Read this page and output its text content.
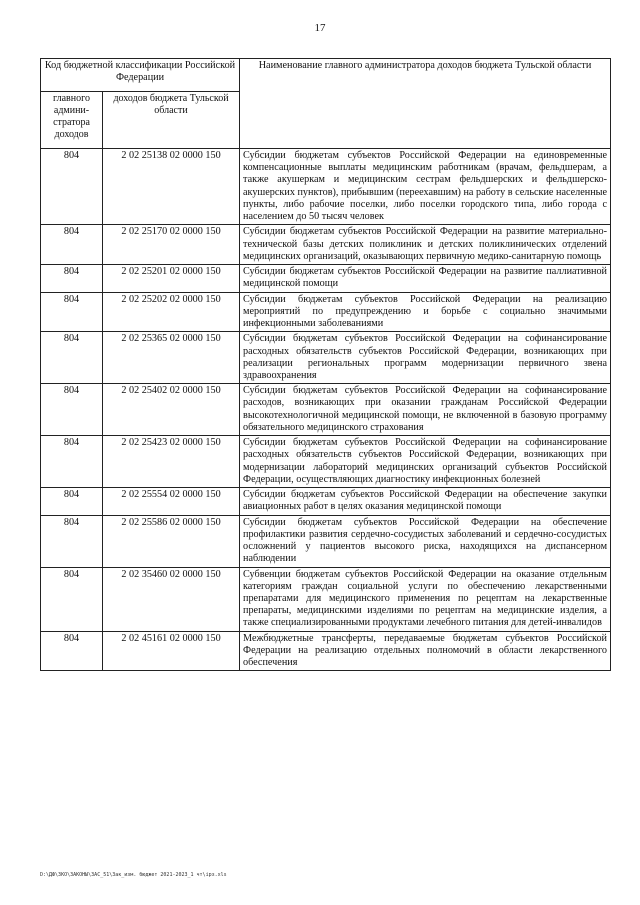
17
Код бюджетной классификации Российской Федерации		Наименование главного администратора доходов бюджета Тульской области
главного админи-стратора доходов	доходов бюджета Тульской области	
804	2 02 25138 02 0000 150	Субсидии бюджетам субъектов Российской Федерации на единовременные компенсационные выплаты медицинским работникам (врачам, фельдшерам, а также акушеркам и медицинским сестрам фельдшерских и фельдшерско-акушерских пунктов), прибывшим (переехавшим) на работу в сельские населенные пункты, либо рабочие поселки, либо поселки городского типа, либо города с населением до 50 тысяч человек
804	2 02 25170 02 0000 150	Субсидии бюджетам субъектов Российской Федерации на развитие материально-технической базы детских поликлиник и детских поликлинических отделений медицинских организаций, оказывающих первичную медико-санитарную помощь
804	2 02 25201 02 0000 150	Субсидии бюджетам субъектов Российской Федерации на развитие паллиативной медицинской помощи
804	2 02 25202 02 0000 150	Субсидии бюджетам субъектов Российской Федерации на реализацию мероприятий по предупреждению и борьбе с социально значимыми инфекционными заболеваниями
804	2 02 25365 02 0000 150	Субсидии бюджетам субъектов Российской Федерации на софинансирование расходных обязательств субъектов Российской Федерации, возникающих при реализации региональных программ модернизации первичного звена здравоохранения
804	2 02 25402 02 0000 150	Субсидии бюджетам субъектов Российской Федерации на софинансирование расходов, возникающих при оказании гражданам Российской Федерации высокотехнологичной медицинской помощи, не включенной в базовую программу обязательного медицинского страхования
804	2 02 25423 02 0000 150	Субсидии бюджетам субъектов Российской Федерации на софинансирование расходных обязательств субъектов Российской Федерации, возникающих при модернизации лабораторий медицинских организаций субъектов Российской Федерации, осуществляющих диагностику инфекционных болезней
804	2 02 25554 02 0000 150	Субсидии бюджетам субъектов Российской Федерации на обеспечение закупки авиационных работ в целях оказания медицинской помощи
804	2 02 25586 02 0000 150	Субсидии бюджетам субъектов Российской Федерации на обеспечение профилактики развития сердечно-сосудистых заболеваний и сердечно-сосудистых осложнений у пациентов высокого риска, находящихся на диспансерном наблюдении
804	2 02 35460 02 0000 150	Субвенции бюджетам субъектов Российской Федерации на оказание отдельным категориям граждан социальной услуги по обеспечению лекарственными препаратами для медицинского применения по рецептам на лекарственные препараты, медицинскими изделиями по рецептам на медицинские изделия, а также специализированными продуктами лечебного питания для детей-инвалидов
804	2 02 45161 02 0000 150	Межбюджетные трансферты, передаваемые бюджетам субъектов Российской Федерации на реализацию отдельных полномочий в области лекарственного обеспечения
D:\ДФ\ЗКО\ЗАКОНЫ\ЗАС_51\Зак_изм. бюджет 2021-2023_1 чт\ірз.xls
